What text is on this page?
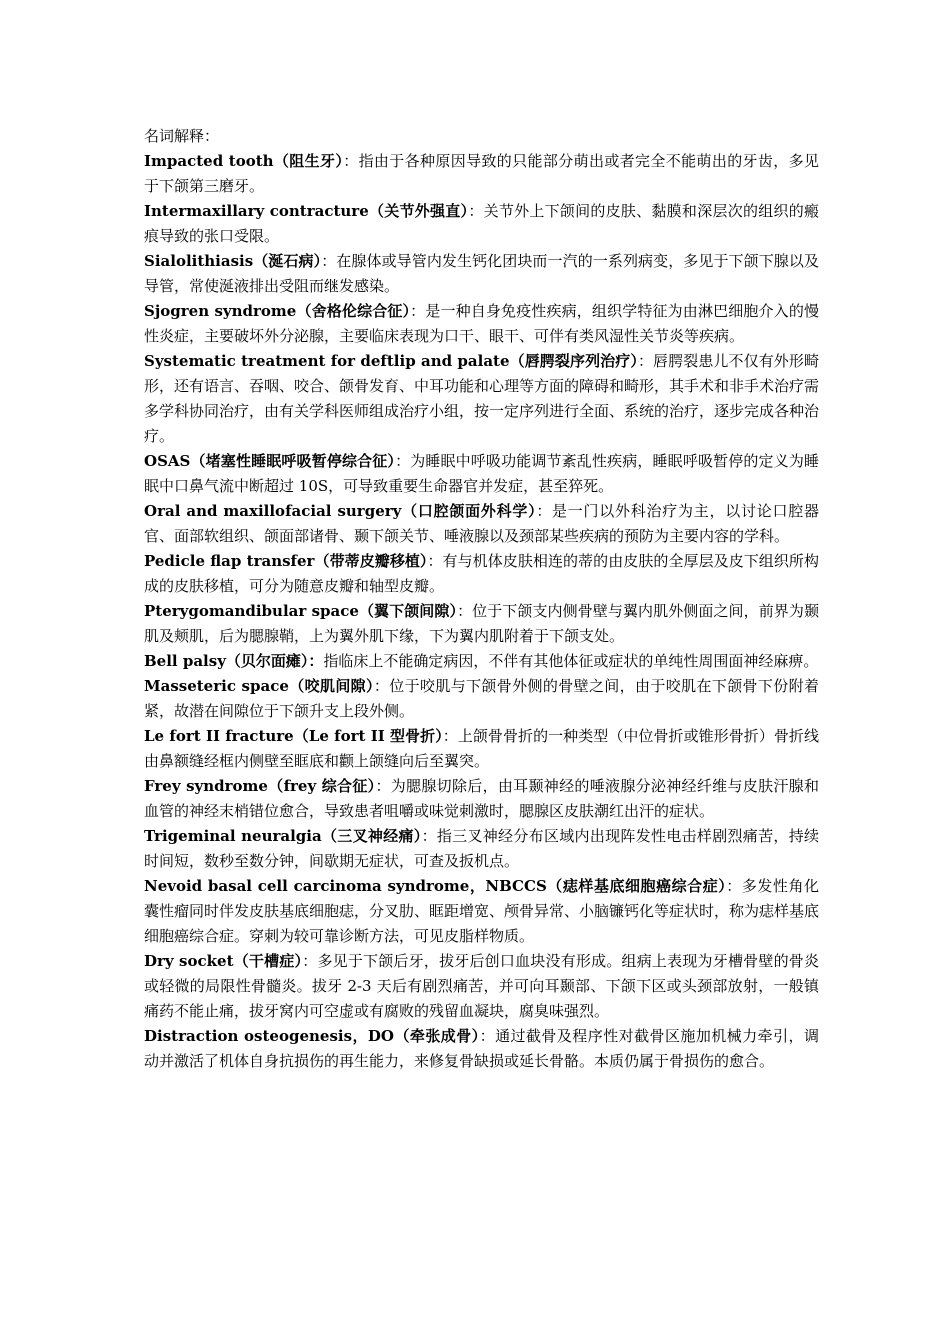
名词解释：

Impacted tooth（阻生牙）：指由于各种原因导致的只能部分萌出或者完全不能萌出的牙齿，多见于下颌第三磨牙。

Intermaxillary contracture（关节外强直）：关节外上下颌间的皮肤、黏膜和深层次的组织的瘢痕导致的张口受限。

Sialolithiasis（涎石病）：在腺体或导管内发生钙化团块而一汽的一系列病变，多见于下颌下腺以及导管，常使涎液排出受阻而继发感染。

Sjogren syndrome（舍格伦综合征）：是一种自身免疫性疾病，组织学特征为由淋巴细胞介入的慢性炎症，主要破坏外分泌腺，主要临床表现为口干、眼干、可伴有类风湿性关节炎等疾病。

Systematic treatment for deftlip and palate（唇腭裂序列治疗）：唇腭裂患儿不仅有外形畸形，还有语言、吞咽、咬合、颌骨发育、中耳功能和心理等方面的障碍和畸形，其手术和非手术治疗需多学科协同治疗，由有关学科医师组成治疗小组，按一定序列进行全面、系统的治疗，逐步完成各种治疗。

OSAS（堵塞性睡眠呼吸暂停综合征）：为睡眠中呼吸功能调节紊乱性疾病，睡眠呼吸暂停的定义为睡眠中口鼻气流中断超过 10S，可导致重要生命器官并发症，甚至猝死。

Oral and maxillofacial surgery（口腔颌面外科学）：是一门以外科治疗为主，以讨论口腔器官、面部软组织、颌面部诸骨、颞下颌关节、唾液腺以及颈部某些疾病的预防为主要内容的学科。

Pedicle flap transfer（带蒂皮瓣移植）：有与机体皮肤相连的蒂的由皮肤的全厚层及皮下组织所构成的皮肤移植，可分为随意皮瓣和轴型皮瓣。

Pterygomandibular space（翼下颌间隙）：位于下颌支内侧骨壁与翼内肌外侧面之间，前界为颞肌及颊肌，后为腮腺鞘，上为翼外肌下缘，下为翼内肌附着于下颌支处。

Bell palsy（贝尔面瘫）：指临床上不能确定病因，不伴有其他体征或症状的单纯性周围面神经麻痹。

Masseteric space（咬肌间隙）：位于咬肌与下颌骨外侧的骨壁之间，由于咬肌在下颌骨下份附着紧，故潜在间隙位于下颌升支上段外侧。

Le fort II fracture（Le fort II 型骨折）：上颌骨骨折的一种类型（中位骨折或锥形骨折）骨折线由鼻额缝经框内侧壁至眶底和颧上颌缝向后至翼突。

Frey syndrome（frey 综合征）：为腮腺切除后，由耳颞神经的唾液腺分泌神经纤维与皮肤汗腺和血管的神经末梢错位愈合，导致患者咀嚼或味觉刺激时，腮腺区皮肤潮红出汗的症状。

Trigeminal neuralgia（三叉神经痛）：指三叉神经分布区域内出现阵发性电击样剧烈痛苦，持续时间短，数秒至数分钟，间歇期无症状，可查及扳机点。

Nevoid basal cell carcinoma syndrome，NBCCS（痣样基底细胞癌综合症）：多发性角化囊性瘤同时伴发皮肤基底细胞痣，分叉肋、眶距增宽、颅骨异常、小脑镰钙化等症状时，称为痣样基底细胞癌综合症。穿刺为较可靠诊断方法，可见皮脂样物质。

Dry socket（干槽症）：多见于下颌后牙，拔牙后创口血块没有形成。组病上表现为牙槽骨壁的骨炎或轻微的局限性骨髓炎。拔牙 2-3 天后有剧烈痛苦，并可向耳颞部、下颌下区或头颈部放射，一般镇痛药不能止痛，拔牙窝内可空虚或有腐败的残留血凝块，腐臭味强烈。

Distraction osteogenesis，DO（牵张成骨）：通过截骨及程序性对截骨区施加机械力牵引，调动并激活了机体自身抗损伤的再生能力，来修复骨缺损或延长骨骼。本质仍属于骨损伤的愈合。
